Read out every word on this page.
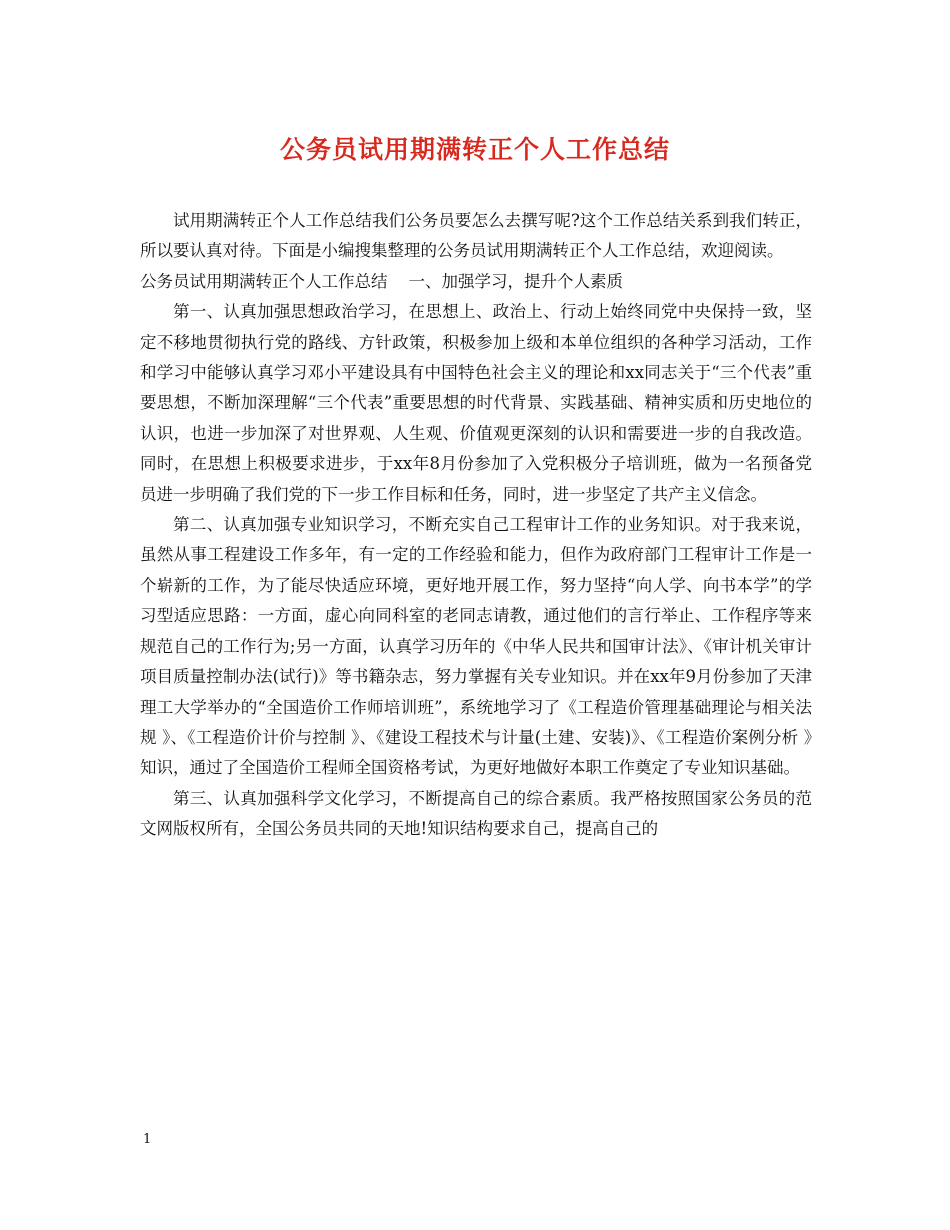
公务员试用期满转正个人工作总结

试用期满转正个人工作总结我们公务员要怎么去撰写呢?这个工作总结关系到我们转正，所以要认真对待。下面是小编搜集整理的公务员试用期满转正个人工作总结，欢迎阅读。

公务员试用期满转正个人工作总结    一、加强学习，提升个人素质

第一、认真加强思想政治学习，在思想上、政治上、行动上始终同党中央保持一致，坚定不移地贯彻执行党的路线、方针政策，积极参加上级和本单位组织的各种学习活动，工作和学习中能够认真学习邓小平建设具有中国特色社会主义的理论和xx同志关于“三个代表”重要思想，不断加深理解“三个代表”重要思想的时代背景、实践基础、精神实质和历史地位的认识，也进一步加深了对世界观、人生观、价值观更深刻的认识和需要进一步的自我改造。同时，在思想上积极要求进步，于xx年8月份参加了入党积极分子培训班，做为一名预备党员进一步明确了我们党的下一步工作目标和任务，同时，进一步坚定了共产主义信念。

第二、认真加强专业知识学习，不断充实自己工程审计工作的业务知识。对于我来说，虽然从事工程建设工作多年，有一定的工作经验和能力，但作为政府部门工程审计工作是一个崭新的工作，为了能尽快适应环境，更好地开展工作，努力坚持“向人学、向书本学”的学习型适应思路：一方面，虚心向同科室的老同志请教，通过他们的言行举止、工作程序等来规范自己的工作行为;另一方面，认真学习历年的《中华人民共和国审计法》、《审计机关审计项目质量控制办法(试行)》等书籍杂志，努力掌握有关专业知识。并在xx年9月份参加了天津理工大学举办的“全国造价工作师培训班”，系统地学习了《工程造价管理基础理论与相关法规 》、《工程造价计价与控制 》、《建设工程技术与计量(土建、安装)》、《工程造价案例分析 》知识，通过了全国造价工程师全国资格考试，为更好地做好本职工作奠定了专业知识基础。

第三、认真加强科学文化学习，不断提高自己的综合素质。我严格按照国家公务员的范文网版权所有，全国公务员共同的天地!知识结构要求自己，提高自己的

1
